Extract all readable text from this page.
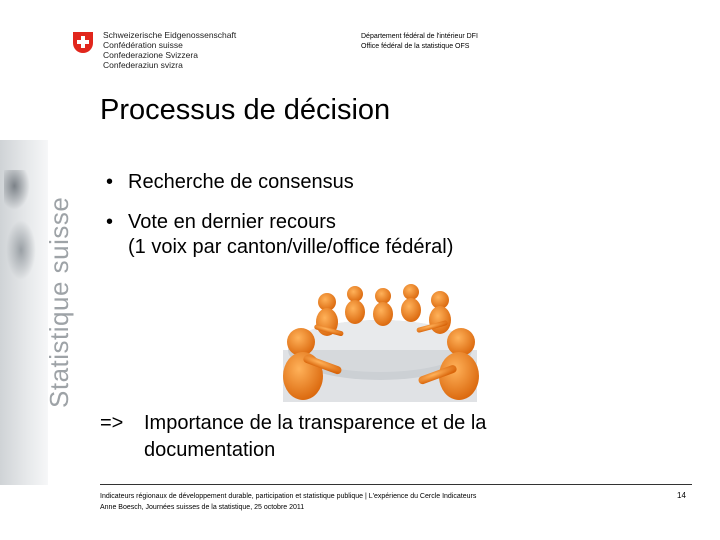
Statistique suisse
Schweizerische Eidgenossenschaft
Confédération suisse
Confederazione Svizzera
Confederaziun svizra
Département fédéral de l'intérieur DFI
Office fédéral de la statistique OFS
Processus de décision
• Recherche de consensus
• Vote en dernier recours
(1 voix par canton/ville/office fédéral)
=> Importance de la transparence et de la documentation
Indicateurs régionaux de développement durable, participation et statistique publique | L'expérience du Cercle Indicateurs
Anne Boesch, Journées suisses de la statistique, 25 octobre 2011
14
